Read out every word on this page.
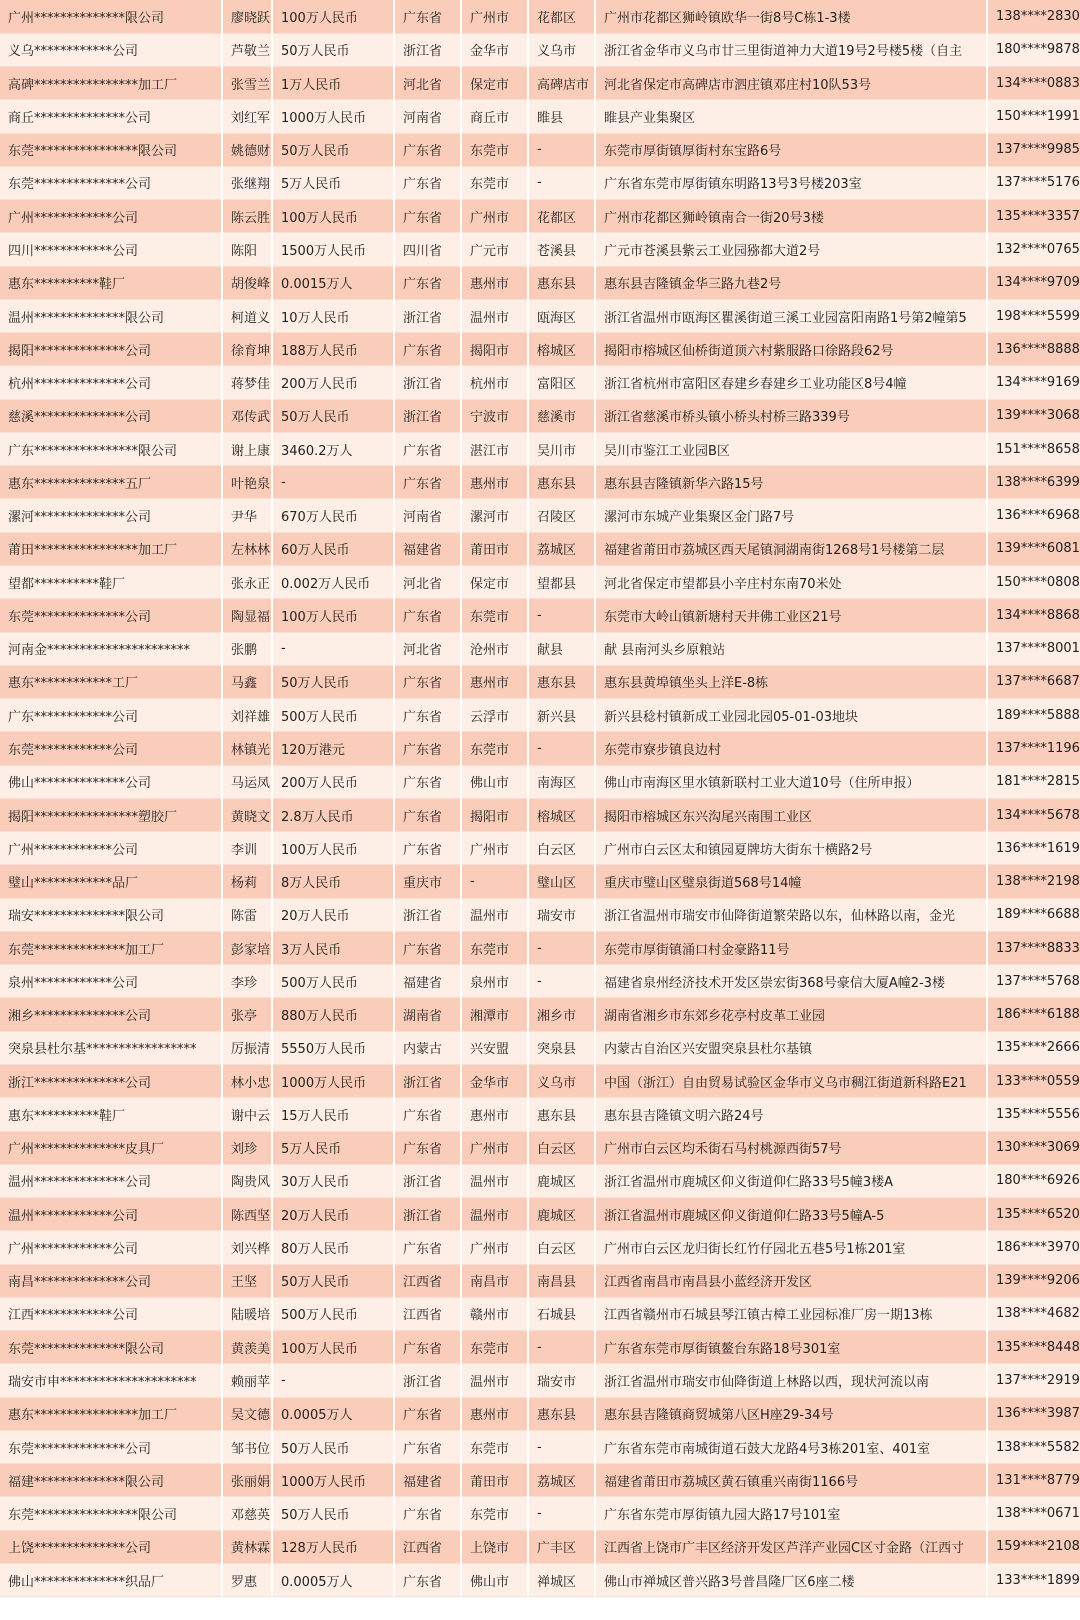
广州**************限公司	廖晓跃	100万人民币	广东省	广州市	花都区	广州市花都区狮岭镇欧华一街8号C栋1-3楼	138****2830
义乌************公司	芦敬兰	50万人民币	浙江省	金华市	义乌市	浙江省金华市义乌市廿三里街道神力大道19号2号楼5楼（自主	180****9878
高碑****************加工厂	张雪兰	1万人民币	河北省	保定市	高碑店市	河北省保定市高碑店市泗庄镇邓庄村10队53号	134****0883
商丘**************公司	刘红军	1000万人民币	河南省	商丘市	睢县	睢县产业集聚区	150****1991
东莞****************限公司	姚德财	50万人民币	广东省	东莞市	-	东莞市厚街镇厚街村东宝路6号	137****9985
东莞**************公司	张继翔	5万人民币	广东省	东莞市	-	广东省东莞市厚街镇东明路13号3号楼203室	137****5176
广州************公司	陈云胜	100万人民币	广东省	广州市	花都区	广州市花都区狮岭镇南合一街20号3楼	135****3357
四川************公司	陈阳	1500万人民币	四川省	广元市	苍溪县	广元市苍溪县紫云工业园猕都大道2号	132****0765
惠东**********鞋厂	胡俊峰	0.0015万人	广东省	惠州市	惠东县	惠东县吉隆镇金华三路九巷2号	134****9709
温州**************限公司	柯道义	10万人民币	浙江省	温州市	瓯海区	浙江省温州市瓯海区瞿溪街道三溪工业园富阳南路1号第2幢第5	198****5599
揭阳**************公司	徐育坤	188万人民币	广东省	揭阳市	榕城区	揭阳市榕城区仙桥街道顶六村紫服路口徐路段62号	136****8888
杭州**************公司	蒋梦佳	200万人民币	浙江省	杭州市	富阳区	浙江省杭州市富阳区春建乡春建乡工业功能区8号4幢	134****9169
慈溪**************公司	邓传武	50万人民币	浙江省	宁波市	慈溪市	浙江省慈溪市桥头镇小桥头村桥三路339号	139****3068
广东****************限公司	谢上康	3460.2万人	广东省	湛江市	吴川市	吴川市鉴江工业园B区	151****8658
惠东**************五厂	叶艳泉	-	广东省	惠州市	惠东县	惠东县吉隆镇新华六路15号	138****6399
漯河**************公司	尹华	670万人民币	河南省	漯河市	召陵区	漯河市东城产业集聚区金门路7号	136****6968
莆田****************加工厂	左林林	60万人民币	福建省	莆田市	荔城区	福建省莆田市荔城区西天尾镇洞湖南街1268号1号楼第二层	139****6081
望都**********鞋厂	张永正	0.002万人民币	河北省	保定市	望都县	河北省保定市望都县小辛庄村东南70米处	150****0808
东莞**************公司	陶显福	100万人民币	广东省	东莞市	-	东莞市大岭山镇新塘村天井佛工业区21号	134****8868
河南金**********************	张鹏	-	河北省	沧州市	献县	献 县南河头乡原粮站	137****8001
惠东************工厂	马鑫	50万人民币	广东省	惠州市	惠东县	惠东县黄埠镇坐头上洋E-8栋	137****6687
广东************公司	刘祥雄	500万人民币	广东省	云浮市	新兴县	新兴县稔村镇新成工业园北园05-01-03地块	189****5888
东莞************公司	林镇光	120万港元	广东省	东莞市	-	东莞市寮步镇良边村	137****1196
佛山**************公司	马运凤	200万人民币	广东省	佛山市	南海区	佛山市南海区里水镇新联村工业大道10号（住所申报）	181****2815
揭阳****************塑胶厂	黄晓文	2.8万人民币	广东省	揭阳市	榕城区	揭阳市榕城区东兴沟尾兴南围工业区	134****5678
广州************公司	李训	100万人民币	广东省	广州市	白云区	广州市白云区太和镇园夏牌坊大街东十横路2号	136****1619
璧山************品厂	杨莉	8万人民币	重庆市	-	璧山区	重庆市璧山区璧泉街道568号14幢	138****2198
瑞安**************限公司	陈雷	20万人民币	浙江省	温州市	瑞安市	浙江省温州市瑞安市仙降街道繁荣路以东，仙林路以南，金光	189****6688
东莞**************加工厂	彭家培	3万人民币	广东省	东莞市	-	东莞市厚街镇涌口村金豪路11号	137****8833
泉州************公司	李珍	500万人民币	福建省	泉州市	-	福建省泉州经济技术开发区崇宏街368号豪信大厦A幢2-3楼	137****5768
湘乡**************公司	张亭	880万人民币	湖南省	湘潭市	湘乡市	湖南省湘乡市东郊乡花亭村皮革工业园	186****6188
突泉县杜尔基*****************	厉振清	5550万人民币	内蒙古	兴安盟	突泉县	内蒙古自治区兴安盟突泉县杜尔基镇	135****2666
浙江**************公司	林小忠	1000万人民币	浙江省	金华市	义乌市	中国（浙江）自由贸易试验区金华市义乌市稠江街道新科路E21	133****0559
惠东**********鞋厂	谢中云	15万人民币	广东省	惠州市	惠东县	惠东县吉隆镇文明六路24号	135****5556
广州**************皮具厂	刘珍	5万人民币	广东省	广州市	白云区	广州市白云区均禾街石马村桃源西街57号	130****3069
温州**************公司	陶贵风	30万人民币	浙江省	温州市	鹿城区	浙江省温州市鹿城区仰义街道仰仁路33号5幢3楼A	180****6926
温州************公司	陈西坚	20万人民币	浙江省	温州市	鹿城区	浙江省温州市鹿城区仰义街道仰仁路33号5幢A-5	135****6520
广州************公司	刘兴桦	80万人民币	广东省	广州市	白云区	广州市白云区龙归街长红竹仔园北五巷5号1栋201室	186****3970
南昌**************公司	王坚	50万人民币	江西省	南昌市	南昌县	江西省南昌市南昌县小蓝经济开发区	139****9206
江西************公司	陆暖培	500万人民币	江西省	赣州市	石城县	江西省赣州市石城县琴江镇古樟工业园标准厂房一期13栋	138****4682
东莞**************限公司	黄羡美	100万人民币	广东省	东莞市	-	广东省东莞市厚街镇鳌台东路18号301室	135****8448
瑞安市申*********************	赖丽苹	-	浙江省	温州市	瑞安市	浙江省温州市瑞安市仙降街道上林路以西，现状河流以南	137****2919
惠东****************加工厂	吴文德	0.0005万人	广东省	惠州市	惠东县	惠东县吉隆镇商贸城第八区H座29-34号	136****3987
东莞**************公司	邹书位	50万人民币	广东省	东莞市	-	广东省东莞市南城街道石鼓大龙路4号3栋201室、401室	138****5582
福建**************限公司	张丽娟	1000万人民币	福建省	莆田市	荔城区	福建省莆田市荔城区黄石镇重兴南街1166号	131****8779
东莞****************限公司	邓慈英	50万人民币	广东省	东莞市	-	广东省东莞市厚街镇九园大路17号101室	138****0671
上饶**************公司	黄林霖	128万人民币	江西省	上饶市	广丰区	江西省上饶市广丰区经济开发区芦洋产业园C区寸金路（江西寸	159****2108
佛山**************织品厂	罗惠	0.0005万人	广东省	佛山市	禅城区	佛山市禅城区普兴路3号普昌隆厂区6座二楼	133****1899
